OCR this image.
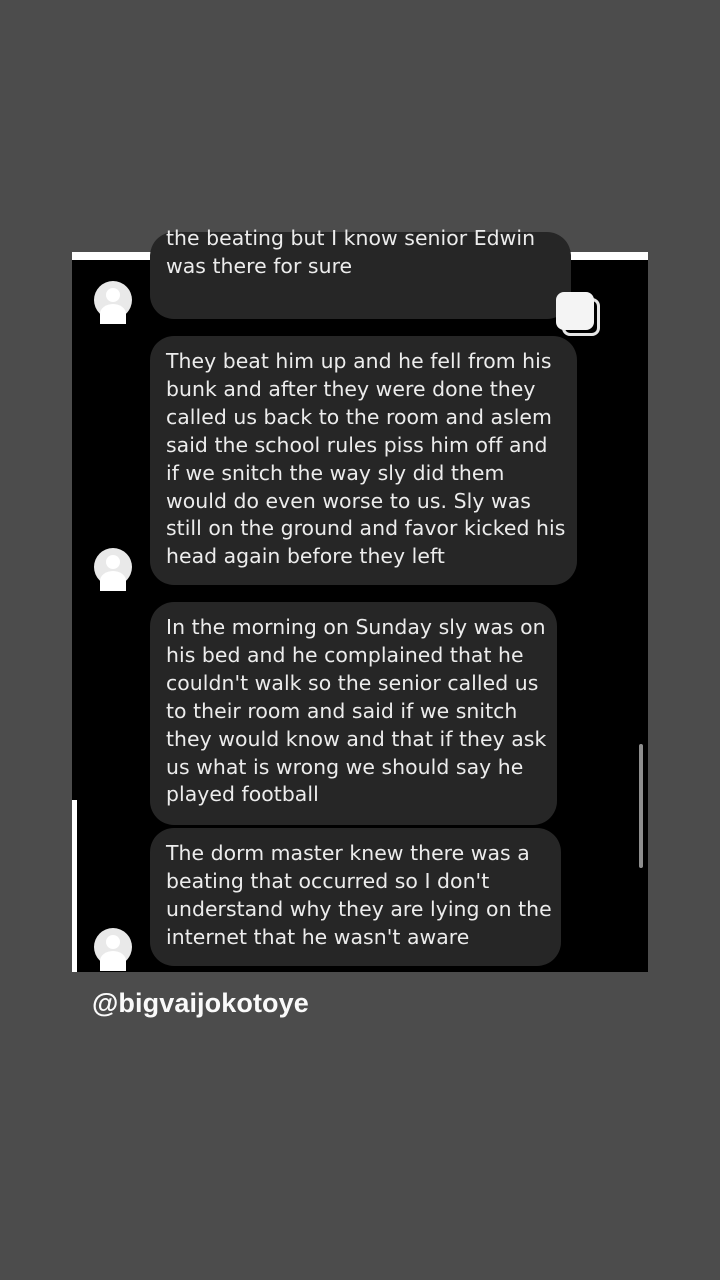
the beating but I know senior Edwin
was there for sure
They beat him up and he fell from his
bunk and after they were done they
called us back to the room and aslem
said the school rules piss him off and
if we snitch the way sly did them
would do even worse to us. Sly was
still on the ground and favor kicked his
head again before they left
In the morning on Sunday sly was on
his bed and he complained that he
couldn't walk so the senior called us
to their room and said if we snitch
they would know and that if they ask
us what is wrong we should say he
played football
The dorm master knew there was a
beating that occurred so I don't
understand why they are lying on the
internet that he wasn't aware
@bigvaijokotoye
